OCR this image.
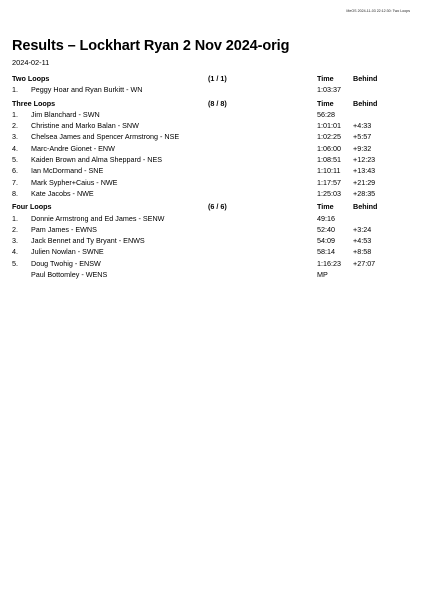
MeOS 2024-11-03 22:12:30: Two Loops
Results – Lockhart Ryan 2 Nov 2024-orig
2024-02-11
Two Loops	(1 / 1)	Time	Behind
1. Peggy Hoar and Ryan Burkitt - WN	1:03:37
Three Loops	(8 / 8)	Time	Behind
1. Jim Blanchard - SWN	56:28
2. Christine and Marko Balan - SNW	1:01:01 +4:33
3. Chelsea James and Spencer Armstrong - NSE	1:02:25 +5:57
4. Marc-Andre Gionet - ENW	1:06:00 +9:32
5. Kaiden Brown and Alma Sheppard - NES	1:08:51 +12:23
6. Ian McDormand - SNE	1:10:11 +13:43
7. Mark Sypher+Caius - NWE	1:17:57 +21:29
8. Kate Jacobs - NWE	1:25:03 +28:35
Four Loops	(6 / 6)	Time	Behind
1. Donnie Armstrong and Ed James - SENW	49:16
2. Pam James - EWNS	52:40	+3:24
3. Jack Bennet and Ty Bryant - ENWS	54:09	+4:53
4. Julien Nowlan - SWNE	58:14	+8:58
5. Doug Twohig - ENSW	1:16:23 +27:07
Paul Bottomley - WENS	MP
